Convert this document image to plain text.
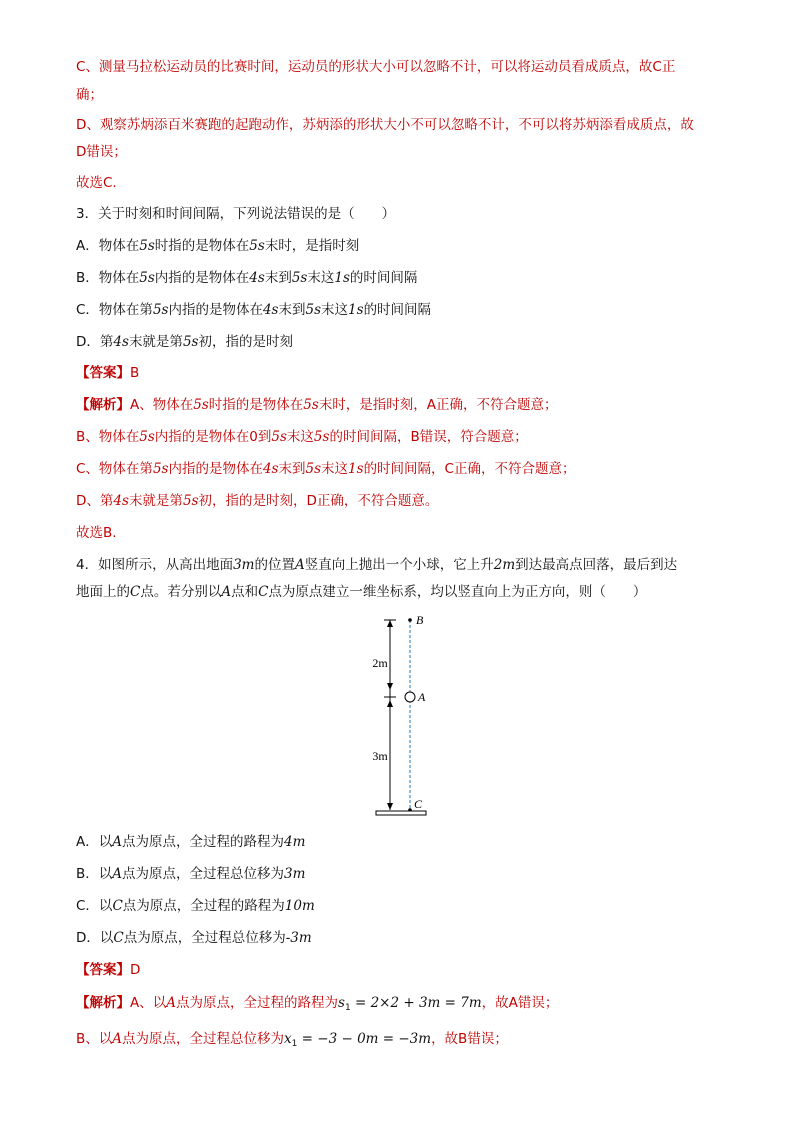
C、测量马拉松运动员的比赛时间，运动员的形状大小可以忽略不计，可以将运动员看成质点，故C正
确；
D、观察苏炳添百米赛跑的起跑动作，苏炳添的形状大小不可以忽略不计，不可以将苏炳添看成质点，故
D错误；
故选C.
3．关于时刻和时间间隔，下列说法错误的是（　　）
A．物体在5s时指的是物体在5s末时，是指时刻
B．物体在5s内指的是物体在4s末到5s末这1s的时间间隔
C．物体在第5s内指的是物体在4s末到5s末这1s的时间间隔
D．第4s末就是第5s初，指的是时刻
【答案】B
【解析】A、物体在5s时指的是物体在5s末时，是指时刻，A正确，不符合题意；
B、物体在5s内指的是物体在0到5s末这5s的时间间隔，B错误，符合题意；
C、物体在第5s内指的是物体在4s末到5s末这1s的时间间隔，C正确，不符合题意；
D、第4s末就是第5s初，指的是时刻，D正确，不符合题意。
故选B.
4．如图所示，从高出地面3m的位置A竖直向上抛出一个小球，它上升2m到达最高点回落，最后到达
地面上的C点。若分别以A点和C点为原点建立一维坐标系，均以竖直向上为正方向，则（　　）
2m
3m
B
A
C
A．以A点为原点，全过程的路程为4m
B．以A点为原点，全过程总位移为3m
C．以C点为原点，全过程的路程为10m
D．以C点为原点，全过程总位移为-3m
【答案】D
【解析】A、以A点为原点，全过程的路程为$s_1 = 2\times 2 + 3m = 7m$，故A错误；
B、以A点为原点，全过程总位移为$x_1 = -3 - 0m = -3m$，故B错误；
